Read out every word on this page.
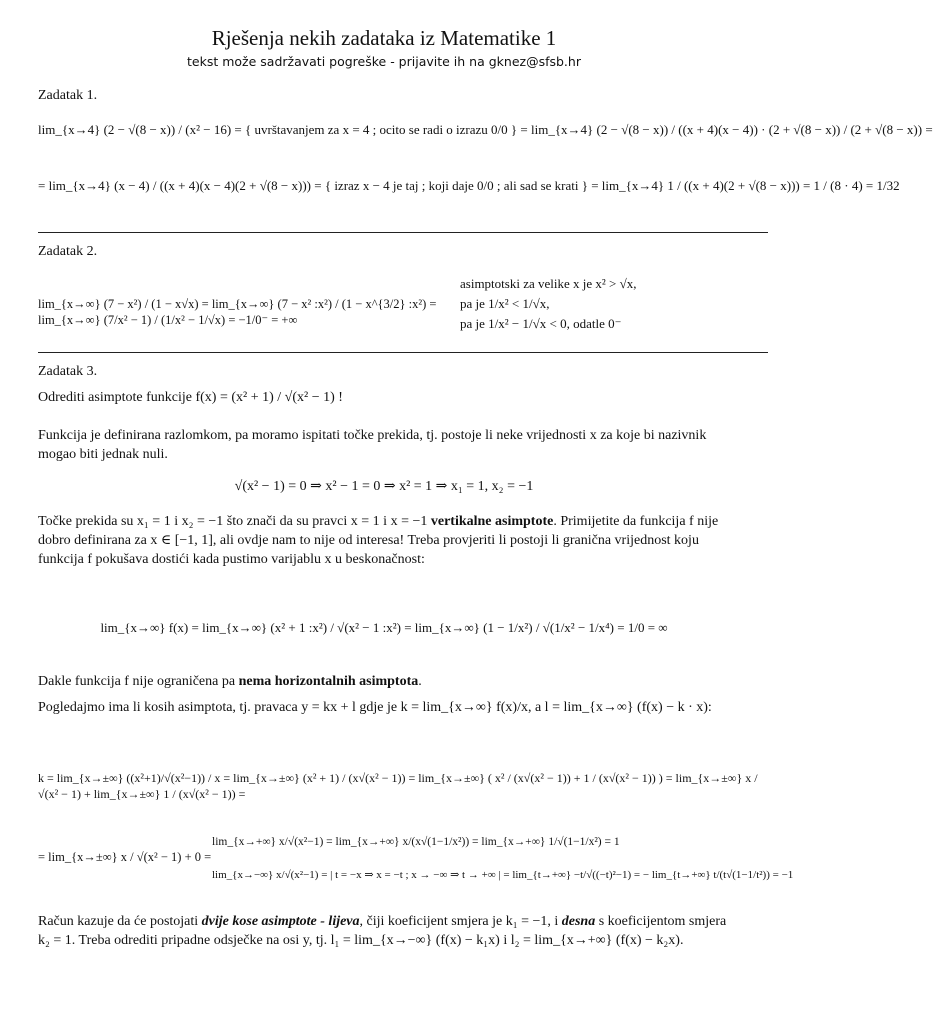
Rješenja nekih zadataka iz Matematike 1
tekst može sadržavati pogreške - prijavite ih na gknez@sfsb.hr
Zadatak 1.
lim_{x→4} (2 − √(8 − x)) / (x² − 16) = { uvrštavanjem za x = 4 ; ocito se radi o izrazu 0/0 } = lim_{x→4} (2 − √(8 − x)) / ((x + 4)(x − 4)) · (2 + √(8 − x)) / (2 + √(8 − x)) =
= lim_{x→4} (x − 4) / ((x + 4)(x − 4)(2 + √(8 − x))) = { izraz x − 4 je taj ; koji daje 0/0 ; ali sad se krati } = lim_{x→4} 1 / ((x + 4)(2 + √(8 − x))) = 1 / (8 · 4) = 1/32
Zadatak 2.
lim_{x→∞} (7 − x²) / (1 − x√x) = lim_{x→∞} (7 − x² :x²) / (1 − x^{3/2} :x²) = lim_{x→∞} (7/x² − 1) / (1/x² − 1/√x) = −1/0⁻ = +∞
asimptotski za velike x je x² > √x,
pa je 1/x² < 1/√x,
pa je 1/x² − 1/√x < 0, odatle 0⁻
Zadatak 3.
Odrediti asimptote funkcije f(x) = (x² + 1) / √(x² − 1) !
Funkcija je definirana razlomkom, pa moramo ispitati točke prekida, tj. postoje li neke vrijednosti x za koje bi nazivnik mogao biti jednak nuli.
√(x² − 1) = 0 ⇒ x² − 1 = 0 ⇒ x² = 1 ⇒ x₁ = 1, x₂ = −1
Točke prekida su x₁ = 1 i x₂ = −1 što znači da su pravci x = 1 i x = −1 vertikalne asimptote. Primijetite da funkcija f nije dobro definirana za x ∈ [−1, 1], ali ovdje nam to nije od interesa! Treba provjeriti li postoji li granična vrijednost koju funkcija f pokušava dostići kada pustimo varijablu x u beskonačnost:
lim_{x→∞} f(x) = lim_{x→∞} (x² + 1 :x²) / √(x² − 1 :x²) = lim_{x→∞} (1 − 1/x²) / √(1/x² − 1/x⁴) = 1/0 = ∞
Dakle funkcija f nije ograničena pa nema horizontalnih asimptota.
Pogledajmo ima li kosih asimptota, tj. pravaca y = kx + l gdje je k = lim_{x→∞} f(x)/x, a l = lim_{x→∞} (f(x) − k · x):
k = lim_{x→±∞} ((x²+1)/√(x²−1)) / x = lim_{x→±∞} (x² + 1) / (x√(x² − 1)) = lim_{x→±∞} ( x² / (x√(x² − 1)) + 1 / (x√(x² − 1)) ) = lim_{x→±∞} x / √(x² − 1) + lim_{x→±∞} 1 / (x√(x² − 1)) =
= lim_{x→±∞} x / √(x² − 1) + 0 =
lim_{x→+∞} x/√(x²−1) = lim_{x→+∞} x/(x√(1−1/x²)) = lim_{x→+∞} 1/√(1−1/x²) = 1
lim_{x→−∞} x/√(x²−1) = | t = −x ⇒ x = −t ; x → −∞ ⇒ t → +∞ | = lim_{t→+∞} −t/√((−t)²−1) = − lim_{t→+∞} t/(t√(1−1/t²)) = −1
Račun kazuje da će postojati dvije kose asimptote - lijeva, čiji koeficijent smjera je k₁ = −1, i desna s koeficijentom smjera k₂ = 1. Treba odrediti pripadne odsječke na osi y, tj. l₁ = lim_{x→−∞} (f(x) − k₁x) i l₂ = lim_{x→+∞} (f(x) − k₂x).
